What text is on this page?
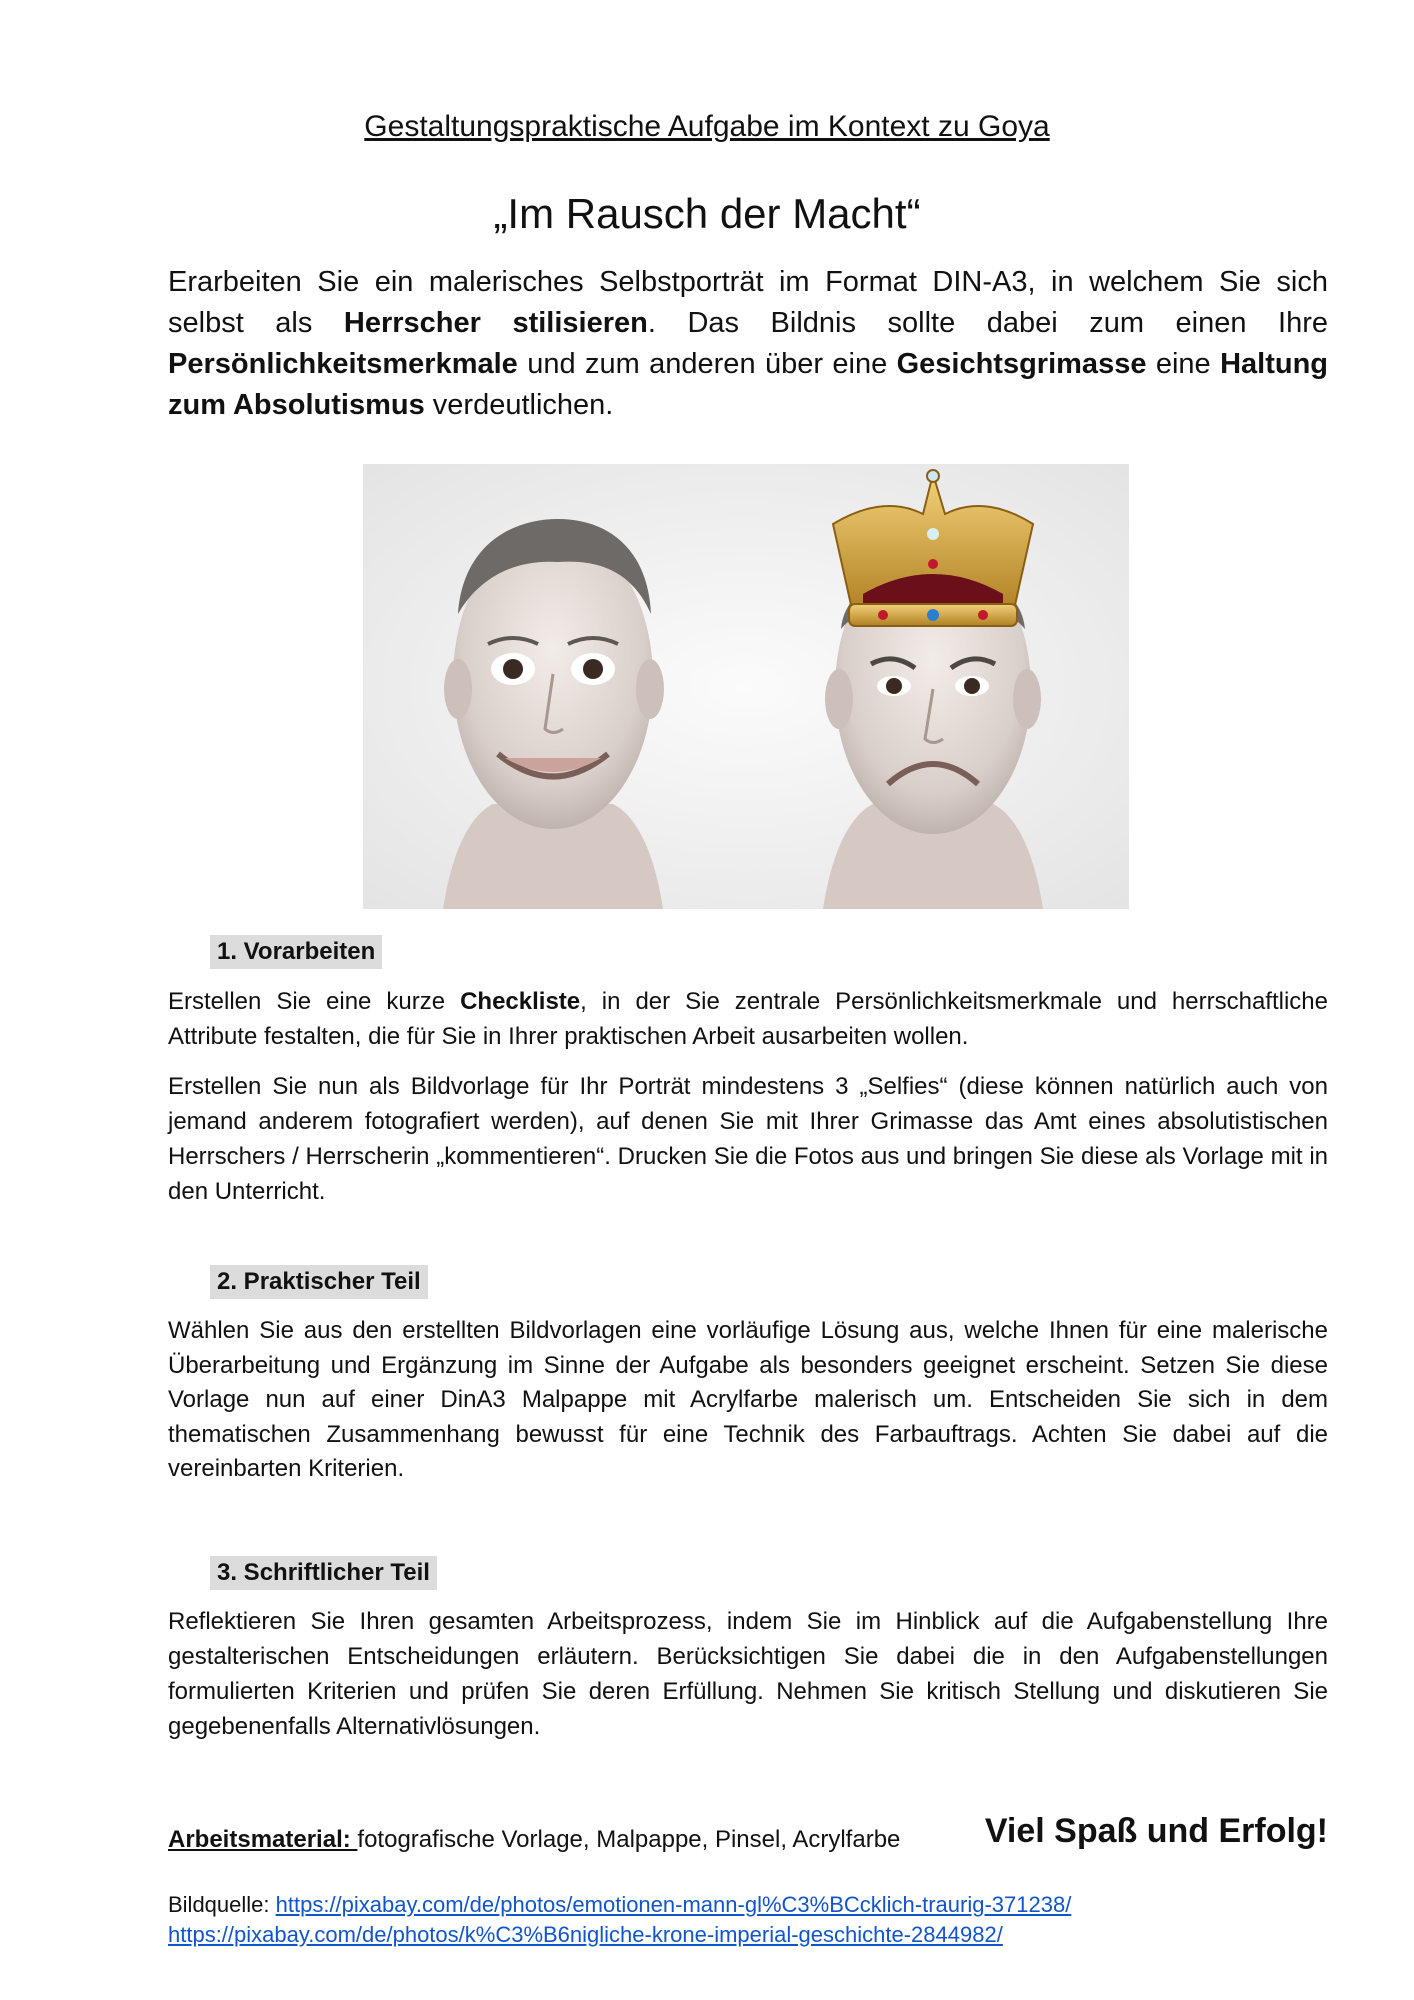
Gestaltungspraktische Aufgabe im Kontext zu Goya
„Im Rausch der Macht“
Erarbeiten Sie ein malerisches Selbstporträt im Format DIN-A3, in welchem Sie sich selbst als Herrscher stilisieren. Das Bildnis sollte dabei zum einen Ihre Persönlichkeitsmerkmale und zum anderen über eine Gesichtsgrimasse eine Haltung zum Absolutismus verdeutlichen.
1. Vorarbeiten
Erstellen Sie eine kurze Checkliste, in der Sie zentrale Persönlichkeitsmerkmale und herrschaftliche Attribute festalten, die für Sie in Ihrer praktischen Arbeit ausarbeiten wollen.
Erstellen Sie nun als Bildvorlage für Ihr Porträt mindestens 3 „Selfies“ (diese können natürlich auch von jemand anderem fotografiert werden), auf denen Sie mit Ihrer Grimasse das Amt eines absolutistischen Herrschers / Herrscherin „kommentieren“. Drucken Sie die Fotos aus und bringen Sie diese als Vorlage mit in den Unterricht.
2. Praktischer Teil
Wählen Sie aus den erstellten Bildvorlagen eine vorläufige Lösung aus, welche Ihnen für eine malerische Überarbeitung und Ergänzung im Sinne der Aufgabe als besonders geeignet erscheint. Setzen Sie diese Vorlage nun auf einer DinA3 Malpappe mit Acrylfarbe malerisch um. Entscheiden Sie sich in dem thematischen Zusammenhang bewusst für eine Technik des Farbauftrags. Achten Sie dabei auf die vereinbarten Kriterien.
3. Schriftlicher Teil
Reflektieren Sie Ihren gesamten Arbeitsprozess, indem Sie im Hinblick auf die Aufgabenstellung Ihre gestalterischen Entscheidungen erläutern. Berücksichtigen Sie dabei die in den Aufgabenstellungen formulierten Kriterien und prüfen Sie deren Erfüllung. Nehmen Sie kritisch Stellung und diskutieren Sie gegebenenfalls Alternativlösungen.
Arbeitsmaterial: fotografische Vorlage, Malpappe, Pinsel, Acrylfarbe Viel Spaß und Erfolg!
Bildquelle: https://pixabay.com/de/photos/emotionen-mann-gl%C3%BCcklich-traurig-371238/
https://pixabay.com/de/photos/k%C3%B6nigliche-krone-imperial-geschichte-2844982/
